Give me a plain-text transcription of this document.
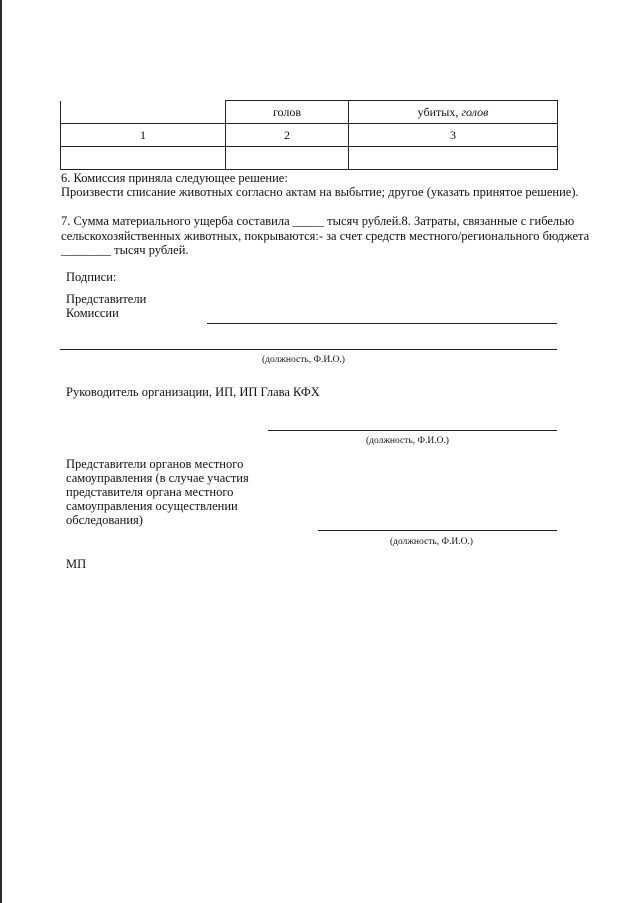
	голов	убитых, голов
1	2	3

6. Комиссия приняла следующее решение:
Произвести списание животных согласно актам на выбытие; другое (указать принятое решение).
7. Сумма материального ущерба составила _____ тысяч рублей.8. Затраты, связанные с гибелью
сельскохозяйственных животных, покрываются:- за счет средств местного/регионального бюджета
________ тысяч рублей.
Подписи:
Представители
Комиссии
(должность, Ф.И.О.)
Руководитель организации, ИП, ИП Глава КФХ
(должность, Ф.И.О.)
Представители органов местного
самоуправления (в случае участия
представителя органа местного
самоуправления осуществлении
обследования)
(должность, Ф.И.О.)
МП
